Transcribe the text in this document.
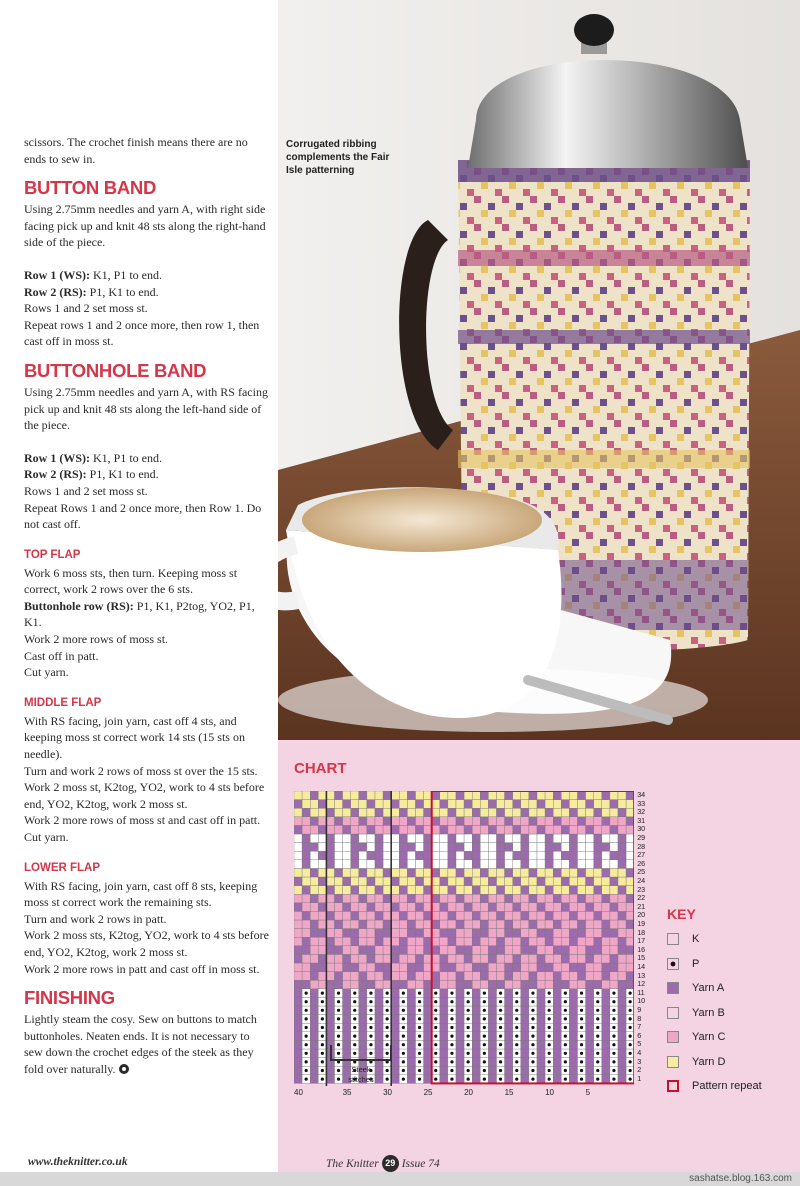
scissors. The crochet finish means there are no ends to sew in.

BUTTON BAND

Using 2.75mm needles and yarn A, with right side facing pick up and knit 48 sts along the right-hand side of the piece.

Row 1 (WS): K1, P1 to end.

Row 2 (RS): P1, K1 to end.

Rows 1 and 2 set moss st.

Repeat rows 1 and 2 once more, then row 1, then cast off in moss st.

BUTTONHOLE BAND

Using 2.75mm needles and yarn A, with RS facing pick up and knit 48 sts along the left-hand side of the piece.

Row 1 (WS): K1, P1 to end.

Row 2 (RS): P1, K1 to end.

Rows 1 and 2 set moss st.

Repeat Rows 1 and 2 once more, then Row 1. Do not cast off.

TOP FLAP

Work 6 moss sts, then turn. Keeping moss st correct, work 2 rows over the 6 sts.

Buttonhole row (RS): P1, K1, P2tog, YO2, P1, K1.

Work 2 more rows of moss st.

Cast off in patt.

Cut yarn.

MIDDLE FLAP

With RS facing, join yarn, cast off 4 sts, and keeping moss st correct work 14 sts (15 sts on needle).

Turn and work 2 rows of moss st over the 15 sts.

Work 2 moss st, K2tog, YO2, work to 4 sts before end, YO2, K2tog, work 2 moss st.

Work 2 more rows of moss st and cast off in patt. Cut yarn.

LOWER FLAP

With RS facing, join yarn, cast off 8 sts, keeping moss st correct work the remaining sts.

Turn and work 2 rows in patt.

Work 2 moss sts, K2tog, YO2, work to 4 sts before end, YO2, K2tog, work 2 moss st.

Work 2 more rows in patt and cast off in moss st.

FINISHING

Lightly steam the cosy. Sew on buttons to match buttonholes. Neaten ends. It is not necessary to sew down the crochet edges of the steek as they fold over naturally.

Corrugated ribbing complements the Fair Isle patterning
CHART
34
33
32
31
30
29
28
27
26
25
24
23
22
21
20
19
18
17
16
15
14
13
12
11
10
9
8
7
6
5
4
3
2
1
40	35	30	25	20	15	10	5
Steek
stitches
KEY
K
P
Yarn A
Yarn B
Yarn C
Yarn D
Pattern repeat
www.theknitter.co.uk	The Knitter 29 Issue 74
sashatse.blog.163.com
